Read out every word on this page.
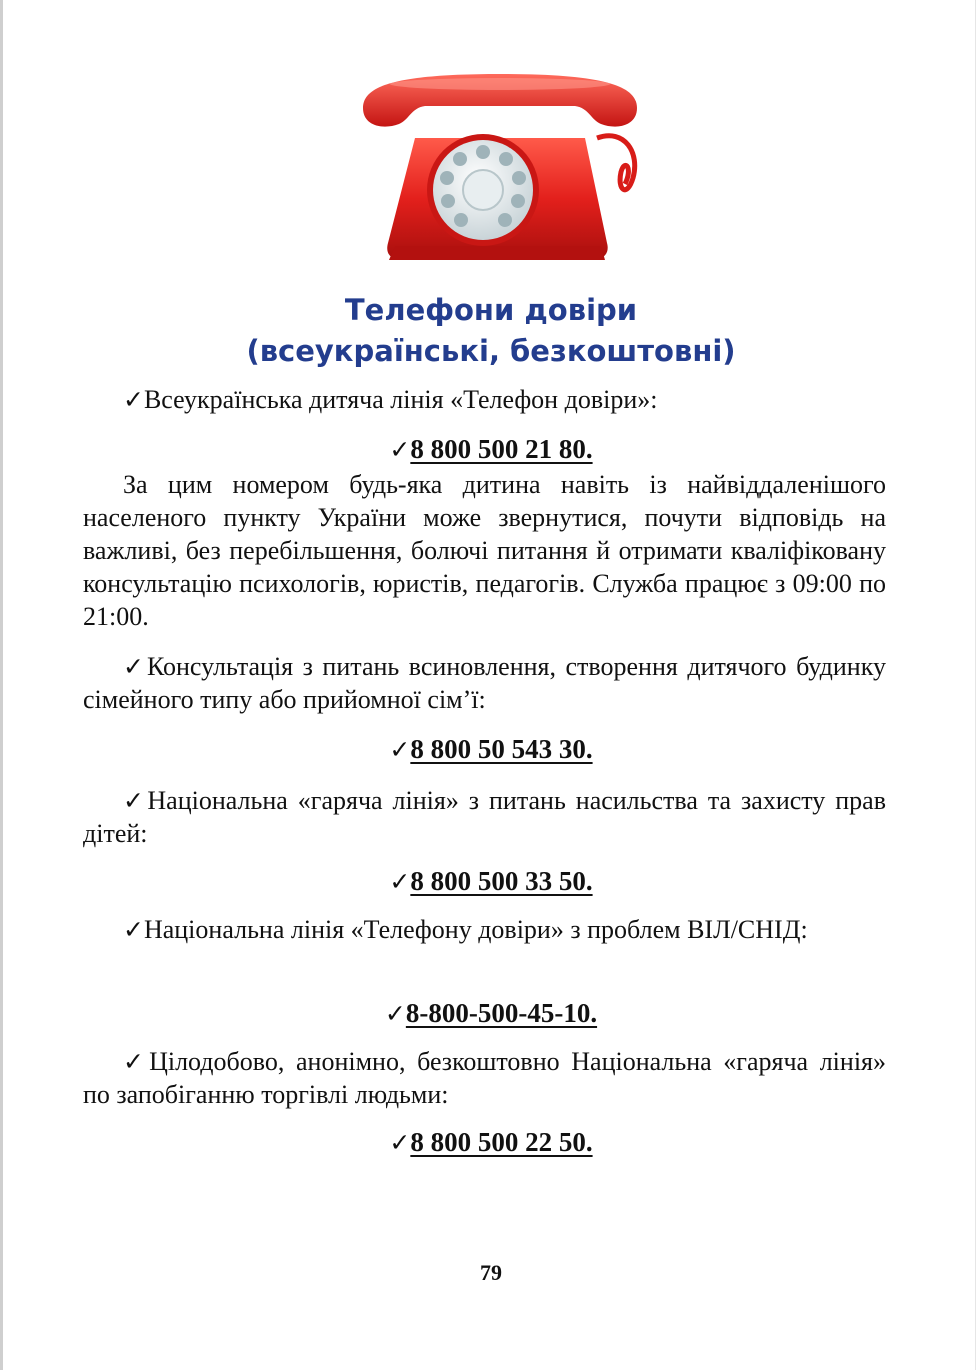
Телефони довіри
(всеукраїнські, безкоштовні)
✓Всеукраїнська дитяча лінія «Телефон довіри»:
✓8 800 500 21 80.
За цим номером будь-яка дитина навіть із найвіддаленішого населеного пункту України може звернутися, почути відповідь на важливі, без перебільшення, болючі питання й отримати кваліфіковану консультацію психологів, юристів, педагогів. Служба працює з 09:00 по 21:00.
✓Консультація з питань всиновлення, створення дитячого будинку сімейного типу або прийомної сім’ї:
✓8 800 50 543 30.
✓Національна «гаряча лінія» з питань насильства та захисту прав дітей:
✓8 800 500 33 50.
✓Національна лінія «Телефону довіри» з проблем ВІЛ/СНІД:
✓8-800-500-45-10.
✓Цілодобово, анонімно, безкоштовно Національна «гаряча лінія» по запобіганню торгівлі людьми:
✓8 800 500 22 50.
79
